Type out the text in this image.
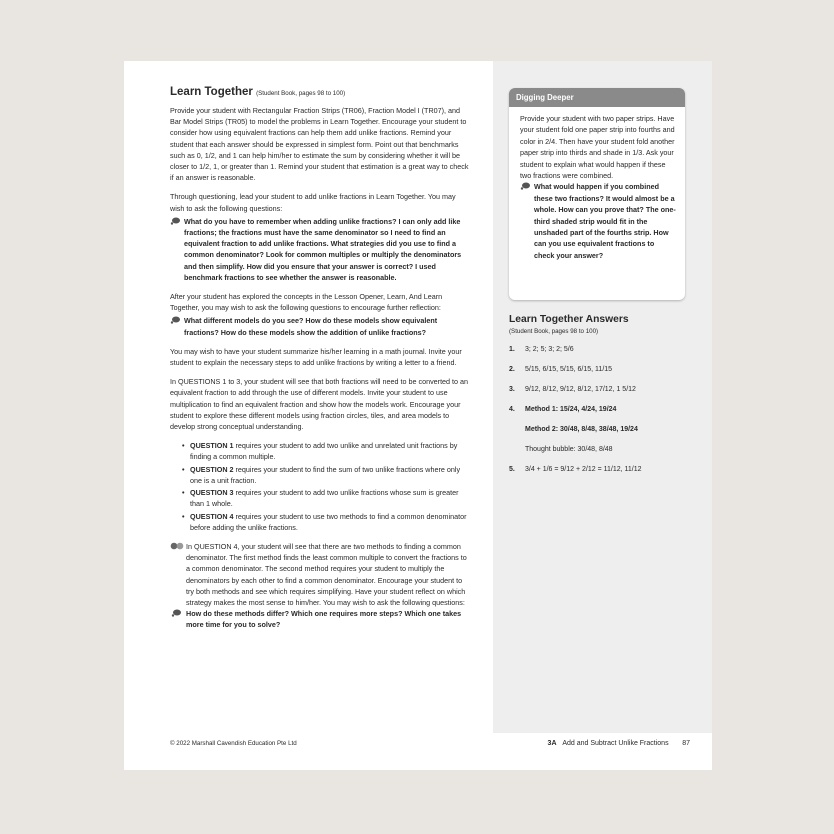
Learn Together (Student Book, pages 98 to 100)

Provide your student with Rectangular Fraction Strips (TR06), Fraction Model I (TR07), and Bar Model Strips (TR05) to model the problems in Learn Together. Encourage your student to consider how using equivalent fractions can help them add unlike fractions. Remind your student that each answer should be expressed in simplest form. Point out that benchmarks such as 0, 1/2, and 1 can help him/her to estimate the sum by considering whether it will be closer to 1/2, 1, or greater than 1. Remind your student that estimation is a great way to check if an answer is reasonable.

Through questioning, lead your student to add unlike fractions in Learn Together. You may wish to ask the following questions:

What do you have to remember when adding unlike fractions? I can only add like fractions; the fractions must have the same denominator so I need to find an equivalent fraction to add unlike fractions. What strategies did you use to find a common denominator? Look for common multiples or multiply the denominators and then simplify. How did you ensure that your answer is correct? I used benchmark fractions to see whether the answer is reasonable.

After your student has explored the concepts in the Lesson Opener, Learn, And Learn Together, you may wish to ask the following questions to encourage further reflection:

What different models do you see? How do these models show equivalent fractions? How do these models show the addition of unlike fractions?

You may wish to have your student summarize his/her learning in a math journal. Invite your student to explain the necessary steps to add unlike fractions by writing a letter to a friend.

In QUESTIONS 1 to 3, your student will see that both fractions will need to be converted to an equivalent fraction to add through the use of different models. Invite your student to use multiplication to find an equivalent fraction and show how the models work. Encourage your student to explore these different models using fraction circles, tiles, and area models to develop strong conceptual understanding.

• QUESTION 1 requires your student to add two unlike and unrelated unit fractions by finding a common multiple.
• QUESTION 2 requires your student to find the sum of two unlike fractions where only one is a unit fraction.
• QUESTION 3 requires your student to add two unlike fractions whose sum is greater than 1 whole.
• QUESTION 4 requires your student to use two methods to find a common denominator before adding the unlike fractions.
In QUESTION 4, your student will see that there are two methods to finding a common denominator. The first method finds the least common multiple to convert the fractions to a common denominator. The second method requires your student to multiply the denominators by each other to find a common denominator. Encourage your student to try both methods and see which requires simplifying. Have your student reflect on which strategy makes the most sense to him/her. You may wish to ask the following questions:
How do these methods differ? Which one requires more steps? Which one takes more time for you to solve?
Digging Deeper

Provide your student with two paper strips. Have your student fold one paper strip into fourths and color in 2/4. Then have your student fold another paper strip into thirds and shade in 1/3. Ask your student to explain what would happen if these two fractions were combined.

What would happen if you combined these two fractions? It would almost be a whole. How can you prove that? The one-third shaded strip would fit in the unshaded part of the fourths strip. How can you use equivalent fractions to check your answer?
Learn Together Answers
(Student Book, pages 98 to 100)
1.	3; 2; 5; 3; 2; 5/6
2.	5/15, 6/15, 5/15, 6/15, 11/15
3.	9/12, 8/12, 9/12, 8/12, 17/12, 1 5/12
4.	Method 1: 15/24, 4/24, 19/24
Method 2: 30/48, 8/48, 38/48, 19/24
Thought bubble: 30/48, 8/48
5.	3/4 + 1/6 = 9/12 + 2/12 = 11/12, 11/12
© 2022 Marshall Cavendish Education Pte Ltd	3A Add and Subtract Unlike Fractions 87
